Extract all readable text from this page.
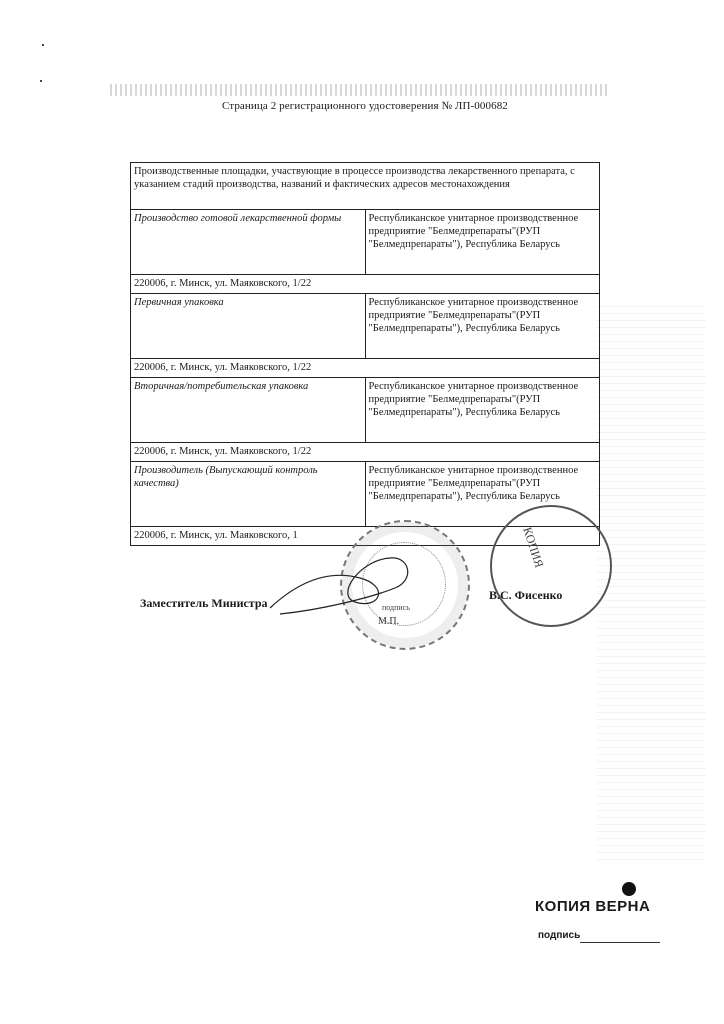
Страница 2 регистрационного удостоверения № ЛП-000682
Производственные площадки, участвующие в процессе производства лекарственного препарата, с указанием стадий производства, названий и фактических адресов местонахождения	
Производство готовой лекарственной формы	Республиканское унитарное производственное предприятие "Белмедпрепараты"(РУП "Белмедпрепараты"), Республика Беларусь
220006, г. Минск, ул. Маяковского, 1/22	
Первичная упаковка	Республиканское унитарное производственное предприятие "Белмедпрепараты"(РУП "Белмедпрепараты"), Республика Беларусь
220006, г. Минск, ул. Маяковского, 1/22	
Вторичная/потребительская упаковка	Республиканское унитарное производственное предприятие "Белмедпрепараты"(РУП "Белмедпрепараты"), Республика Беларусь
220006, г. Минск, ул. Маяковского, 1/22	
Производитель (Выпускающий контроль качества)	Республиканское унитарное производственное предприятие "Белмедпрепараты"(РУП "Белмедпрепараты"), Республика Беларусь
220006, г. Минск, ул. Маяковского, 1	
подпись
М.П.
КОПИЯ
Заместитель Министра
В.С. Фисенко
КОПИЯ ВЕРНА
подпись
